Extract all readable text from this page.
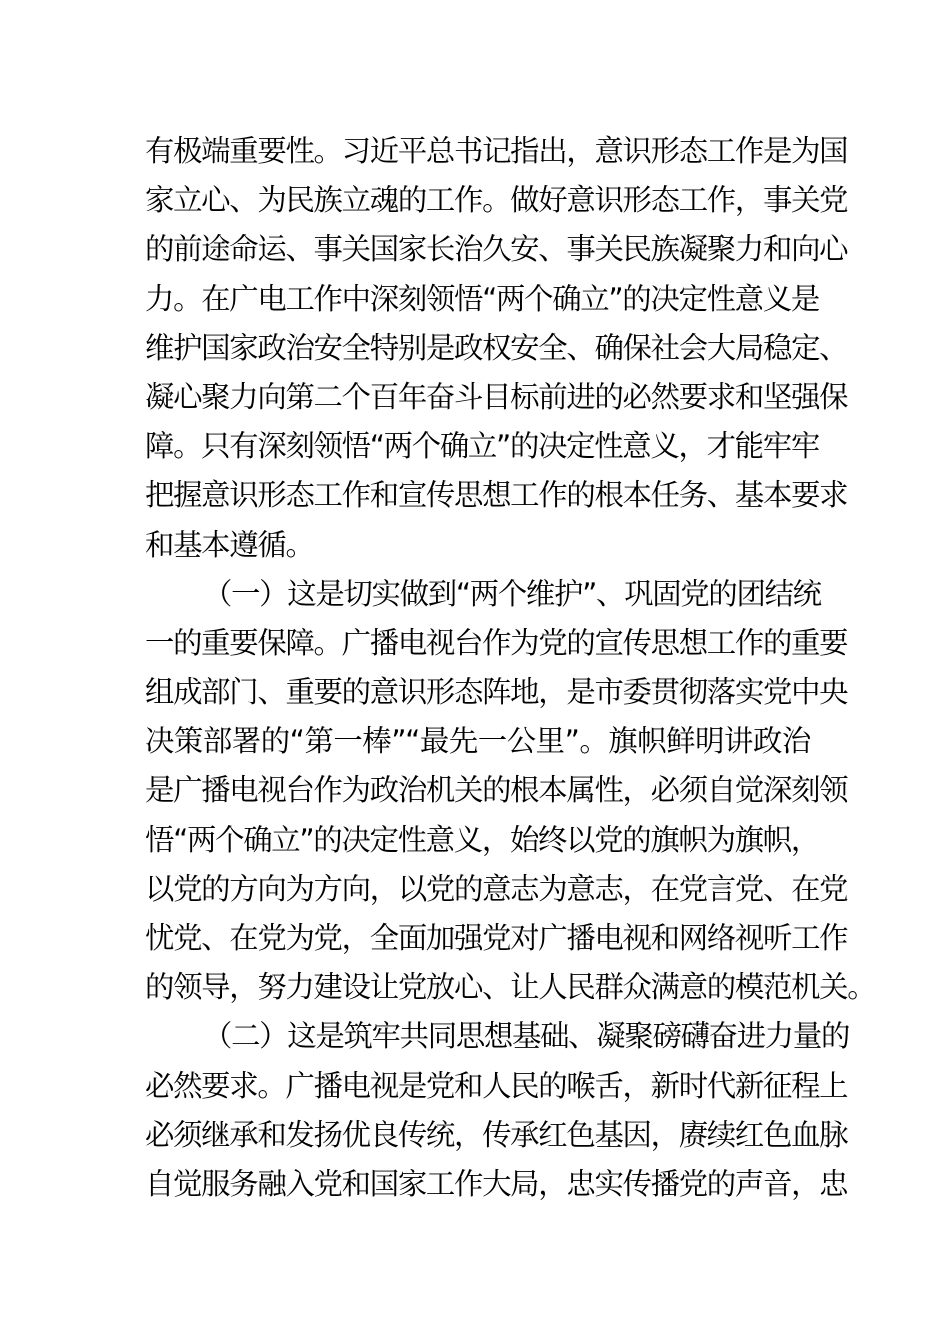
有极端重要性。习近平总书记指出，意识形态工作是为国
家立心、为民族立魂的工作。做好意识形态工作，事关党
的前途命运、事关国家长治久安、事关民族凝聚力和向心
力。在广电工作中深刻领悟“两个确立”的决定性意义是
维护国家政治安全特别是政权安全、确保社会大局稳定、
凝心聚力向第二个百年奋斗目标前进的必然要求和坚强保
障。只有深刻领悟“两个确立”的决定性意义，才能牢牢
把握意识形态工作和宣传思想工作的根本任务、基本要求
和基本遵循。
（一）这是切实做到“两个维护”、巩固党的团结统
一的重要保障。广播电视台作为党的宣传思想工作的重要
组成部门、重要的意识形态阵地，是市委贯彻落实党中央
决策部署的“第一棒”“最先一公里”。旗帜鲜明讲政治
是广播电视台作为政治机关的根本属性，必须自觉深刻领
悟“两个确立”的决定性意义，始终以党的旗帜为旗帜，
以党的方向为方向，以党的意志为意志，在党言党、在党
忧党、在党为党，全面加强党对广播电视和网络视听工作
的领导，努力建设让党放心、让人民群众满意的模范机关。
（二）这是筑牢共同思想基础、凝聚磅礴奋进力量的
必然要求。广播电视是党和人民的喉舌，新时代新征程上
必须继承和发扬优良传统，传承红色基因，赓续红色血脉
自觉服务融入党和国家工作大局，忠实传播党的声音，忠
